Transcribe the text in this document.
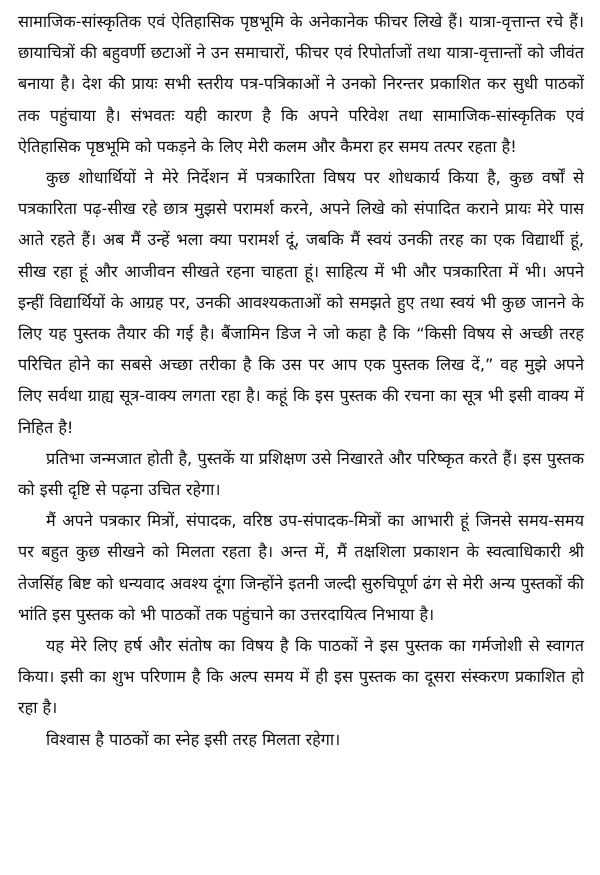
सामाजिक-सांस्कृतिक एवं ऐतिहासिक पृष्ठभूमि के अनेकानेक फीचर लिखे हैं। यात्रा-वृत्तान्त रचे हैं। छायाचित्रों की बहुवर्णी छटाओं ने उन समाचारों, फीचर एवं रिपोर्ताजों तथा यात्रा-वृत्तान्तों को जीवंत बनाया है। देश की प्रायः सभी स्तरीय पत्र-पत्रिकाओं ने उनको निरन्तर प्रकाशित कर सुधी पाठकों तक पहुंचाया है। संभवतः यही कारण है कि अपने परिवेश तथा सामाजिक-सांस्कृतिक एवं ऐतिहासिक पृष्ठभूमि को पकड़ने के लिए मेरी कलम और कैमरा हर समय तत्पर रहता है!

कुछ शोधार्थियों ने मेरे निर्देशन में पत्रकारिता विषय पर शोधकार्य किया है, कुछ वर्षों से पत्रकारिता पढ़-सीख रहे छात्र मुझसे परामर्श करने, अपने लिखे को संपादित कराने प्रायः मेरे पास आते रहते हैं। अब मैं उन्हें भला क्या परामर्श दूं, जबकि मैं स्वयं उनकी तरह का एक विद्यार्थी हूं, सीख रहा हूं और आजीवन सीखते रहना चाहता हूं। साहित्य में भी और पत्रकारिता में भी। अपने इन्हीं विद्यार्थियों के आग्रह पर, उनकी आवश्यकताओं को समझते हुए तथा स्वयं भी कुछ जानने के लिए यह पुस्तक तैयार की गई है। बैंजामिन डिज ने जो कहा है कि “किसी विषय से अच्छी तरह परिचित होने का सबसे अच्छा तरीका है कि उस पर आप एक पुस्तक लिख दें,” वह मुझे अपने लिए सर्वथा ग्राह्य सूत्र-वाक्य लगता रहा है। कहूं कि इस पुस्तक की रचना का सूत्र भी इसी वाक्य में निहित है!

प्रतिभा जन्मजात होती है, पुस्तकें या प्रशिक्षण उसे निखारते और परिष्कृत करते हैं। इस पुस्तक को इसी दृष्टि से पढ़ना उचित रहेगा।

मैं अपने पत्रकार मित्रों, संपादक, वरिष्ठ उप-संपादक-मित्रों का आभारी हूं जिनसे समय-समय पर बहुत कुछ सीखने को मिलता रहता है। अन्त में, मैं तक्षशिला प्रकाशन के स्वत्वाधिकारी श्री तेजसिंह बिष्ट को धन्यवाद अवश्य दूंगा जिन्होंने इतनी जल्दी सुरुचिपूर्ण ढंग से मेरी अन्य पुस्तकों की भांति इस पुस्तक को भी पाठकों तक पहुंचाने का उत्तरदायित्व निभाया है।

यह मेरे लिए हर्ष और संतोष का विषय है कि पाठकों ने इस पुस्तक का गर्मजोशी से स्वागत किया। इसी का शुभ परिणाम है कि अल्प समय में ही इस पुस्तक का दूसरा संस्करण प्रकाशित हो रहा है।

विश्वास है पाठकों का स्नेह इसी तरह मिलता रहेगा।
